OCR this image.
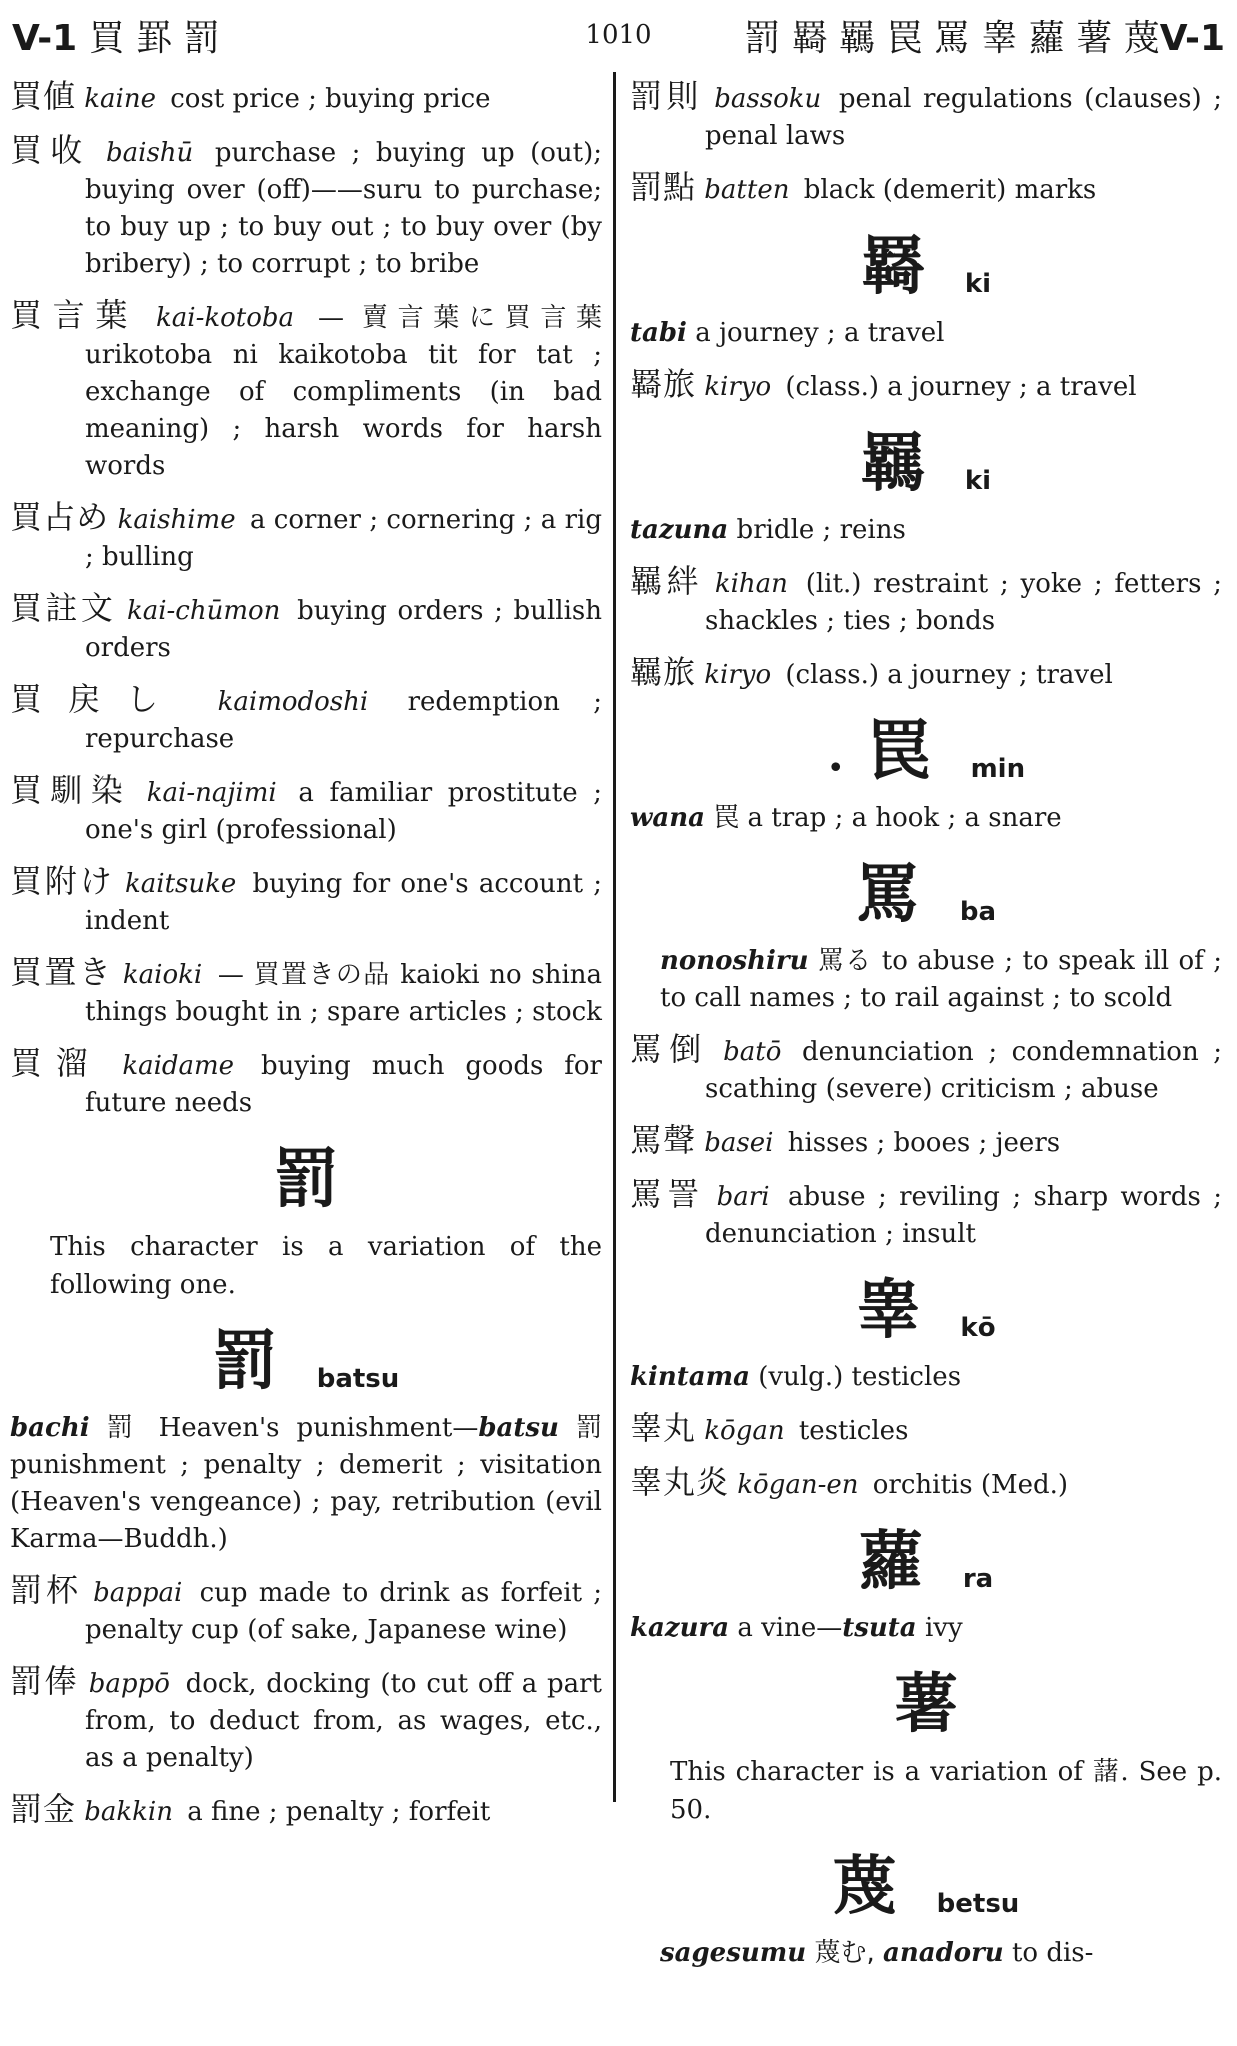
V-1 買 罫 罰	1010	罰 羇 羈 罠 罵 睾 蘿 薯 蔑V-1
買値 kaine cost price ; buying price
買收 baishū purchase ; buying up (out); buying over (off)——suru to purchase; to buy up ; to buy out ; to buy over (by bribery) ; to corrupt ; to bribe
買言葉 kai-kotoba — 賣言葉に買言葉 urikotoba ni kaikotoba tit for tat ; exchange of compliments (in bad meaning) ; harsh words for harsh words
買占め kaishime a corner ; cornering ; a rig ; bulling
買註文 kai-chūmon buying orders ; bullish orders
買戻し kaimodoshi redemption ; repurchase
買馴染 kai-najimi a familiar prostitute ; one's girl (professional)
買附け kaitsuke buying for one's account ; indent
買置き kaioki — 買置きの品 kaioki no shina things bought in ; spare articles ; stock
買溜 kaidame buying much goods for future needs
罰
This character is a variation of the following one.
罰 batsu
bachi 罰 Heaven's punishment—batsu 罰 punishment ; penalty ; demerit ; visitation (Heaven's vengeance) ; pay, retribution (evil Karma—Buddh.)
罰杯 bappai cup made to drink as forfeit ; penalty cup (of sake, Japanese wine)
罰俸 bappō dock, docking (to cut off a part from, to deduct from, as wages, etc., as a penalty)
罰金 bakkin a fine ; penalty ; forfeit
罰則 bassoku penal regulations (clauses) ; penal laws
罰點 batten black (demerit) marks
羇 ki
tabi a journey ; a travel
羇旅 kiryo (class.) a journey ; a travel
羈 ki
tazuna bridle ; reins
羈絆 kihan (lit.) restraint ; yoke ; fetters ; shackles ; ties ; bonds
羈旅 kiryo (class.) a journey ; travel
• 罠 min
wana 罠 a trap ; a hook ; a snare
罵 ba
nonoshiru 罵る to abuse ; to speak ill of ; to call names ; to rail against ; to scold
罵倒 batō denunciation ; condemnation ; scathing (severe) criticism ; abuse
罵聲 basei hisses ; booes ; jeers
罵詈 bari abuse ; reviling ; sharp words ; denunciation ; insult
睾 kō
kintama (vulg.) testicles
睾丸 kōgan testicles
睾丸炎 kōgan-en orchitis (Med.)
蘿 ra
kazura a vine—tsuta ivy
薯
This character is a variation of 藷. See p. 50.
蔑 betsu
sagesumu 蔑む, anadoru to dis-
